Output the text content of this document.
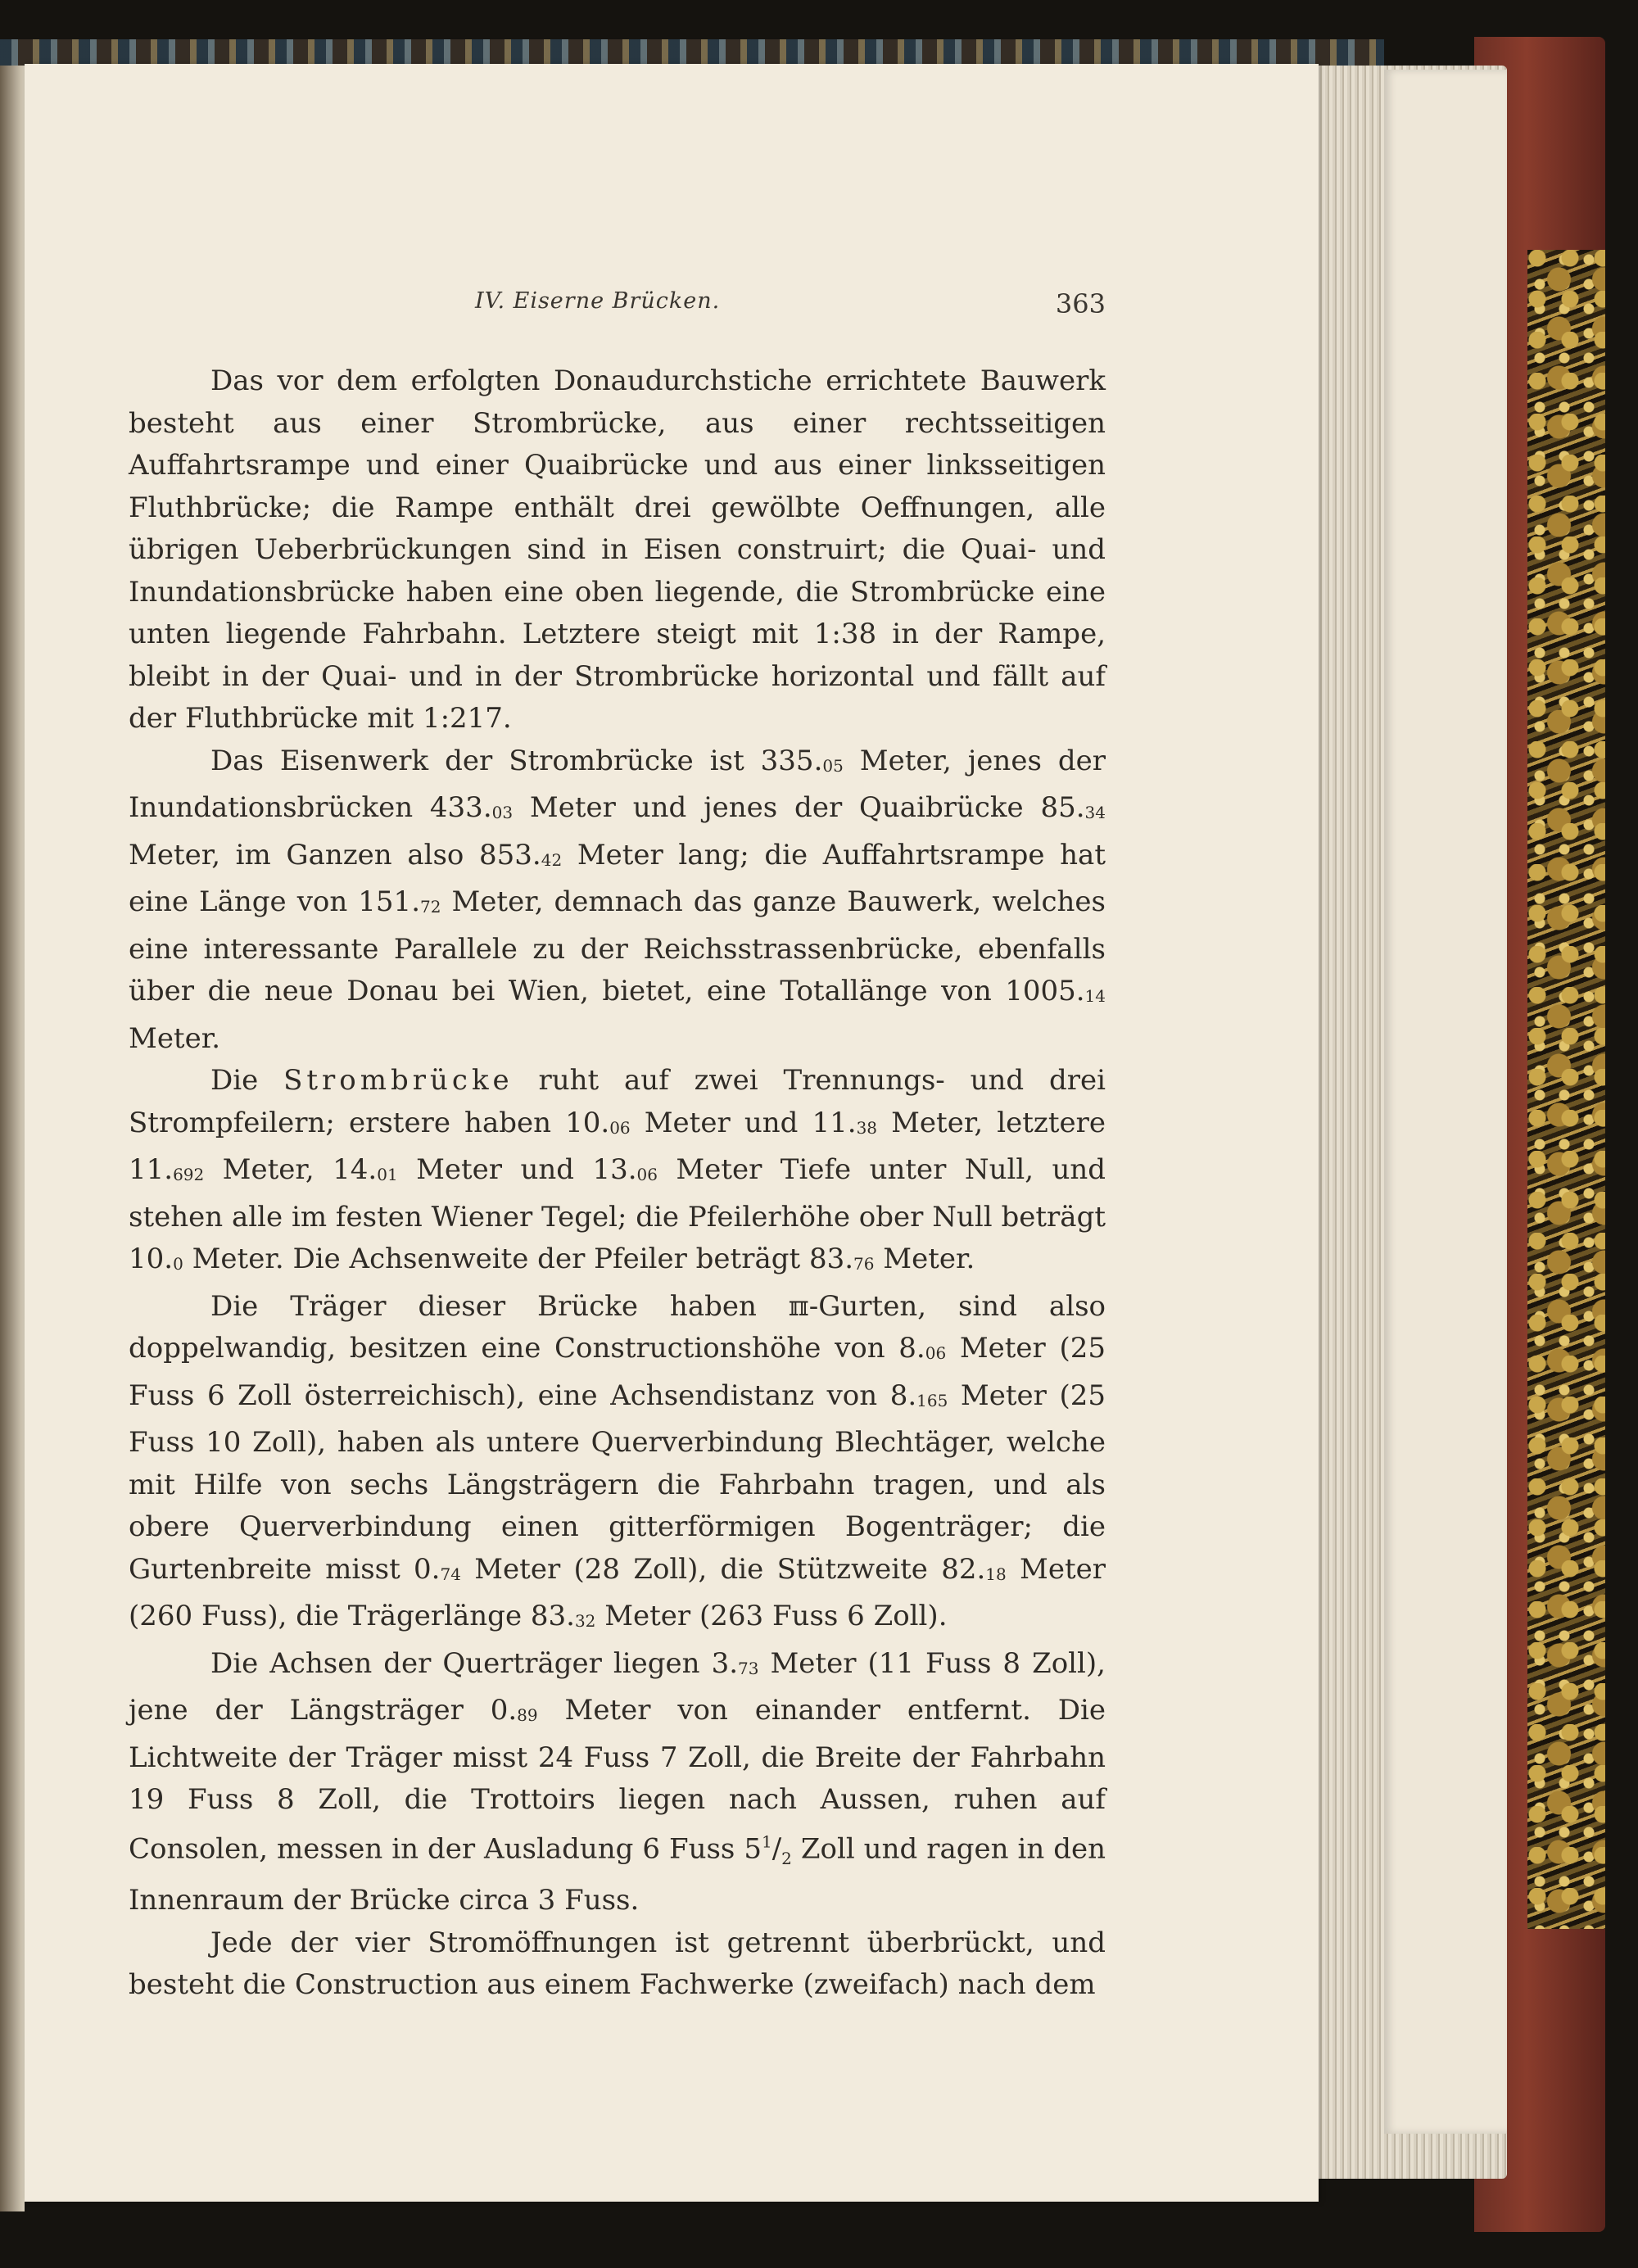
IV. Eiserne Brücken.	363

Das vor dem erfolgten Donaudurchstiche errichtete Bauwerk besteht aus einer Strombrücke, aus einer rechtsseitigen Auffahrtsrampe und einer Quaibrücke und aus einer linksseitigen Fluthbrücke; die Rampe enthält drei gewölbte Oeffnungen, alle übrigen Ueberbrückungen sind in Eisen construirt; die Quai- und Inundationsbrücke haben eine oben liegende, die Strombrücke eine unten liegende Fahrbahn. Letztere steigt mit 1:38 in der Rampe, bleibt in der Quai- und in der Strombrücke horizontal und fällt auf der Fluthbrücke mit 1:217.

Das Eisenwerk der Strombrücke ist 335.05 Meter, jenes der Inundationsbrücken 433.03 Meter und jenes der Quaibrücke 85.34 Meter, im Ganzen also 853.42 Meter lang; die Auffahrtsrampe hat eine Länge von 151.72 Meter, demnach das ganze Bauwerk, welches eine interessante Parallele zu der Reichsstrassenbrücke, ebenfalls über die neue Donau bei Wien, bietet, eine Totallänge von 1005.14 Meter.

Die Strombrücke ruht auf zwei Trennungs- und drei Strompfeilern; erstere haben 10.06 Meter und 11.38 Meter, letztere 11.692 Meter, 14.01 Meter und 13.06 Meter Tiefe unter Null, und stehen alle im festen Wiener Tegel; die Pfeilerhöhe ober Null beträgt 10.0 Meter. Die Achsenweite der Pfeiler beträgt 83.76 Meter.

Die Träger dieser Brücke haben ℼ-Gurten, sind also doppelwandig, besitzen eine Constructionshöhe von 8.06 Meter (25 Fuss 6 Zoll österreichisch), eine Achsendistanz von 8.165 Meter (25 Fuss 10 Zoll), haben als untere Querverbindung Blechtäger, welche mit Hilfe von sechs Längsträgern die Fahrbahn tragen, und als obere Querverbindung einen gitterförmigen Bogenträger; die Gurtenbreite misst 0.74 Meter (28 Zoll), die Stützweite 82.18 Meter (260 Fuss), die Trägerlänge 83.32 Meter (263 Fuss 6 Zoll).

Die Achsen der Querträger liegen 3.73 Meter (11 Fuss 8 Zoll), jene der Längsträger 0.89 Meter von einander entfernt. Die Lichtweite der Träger misst 24 Fuss 7 Zoll, die Breite der Fahrbahn 19 Fuss 8 Zoll, die Trottoirs liegen nach Aussen, ruhen auf Consolen, messen in der Ausladung 6 Fuss $5^1/_2$ Zoll und ragen in den Innenraum der Brücke circa 3 Fuss.

Jede der vier Stromöffnungen ist getrennt überbrückt, und besteht die Construction aus einem Fachwerke (zweifach) nach dem
